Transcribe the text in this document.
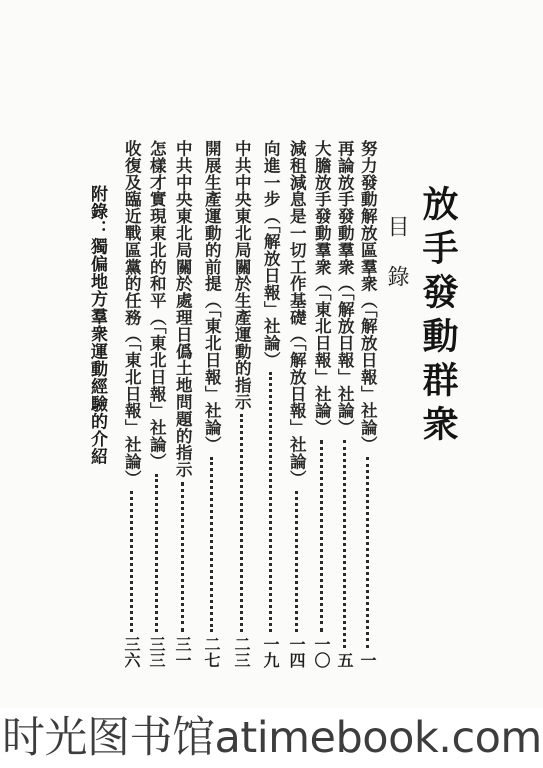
放手發動群衆
目錄
努力發動解放區羣衆（「解放日報」社論）
一
再論放手發動羣衆（「解放日報」社論）
五
大膽放手發動羣衆（「東北日報」社論）
一〇
減租減息是一切工作基礎（「解放日報」社論）
一四
向進一步（「解放日報」社論）
一九
中共中央東北局關於生產運動的指示
二三
開展生產運動的前提（「東北日報」社論）
二七
中共中央東北局關於處理日僞土地問題的指示
三一
怎樣才實現東北的和平（「東北日報」社論）
三三
收復及臨近戰區黨的任務（「東北日報」社論）
三六
附錄：獨偏地方羣衆運動經驗的介紹
时光图书馆atimebook.com
